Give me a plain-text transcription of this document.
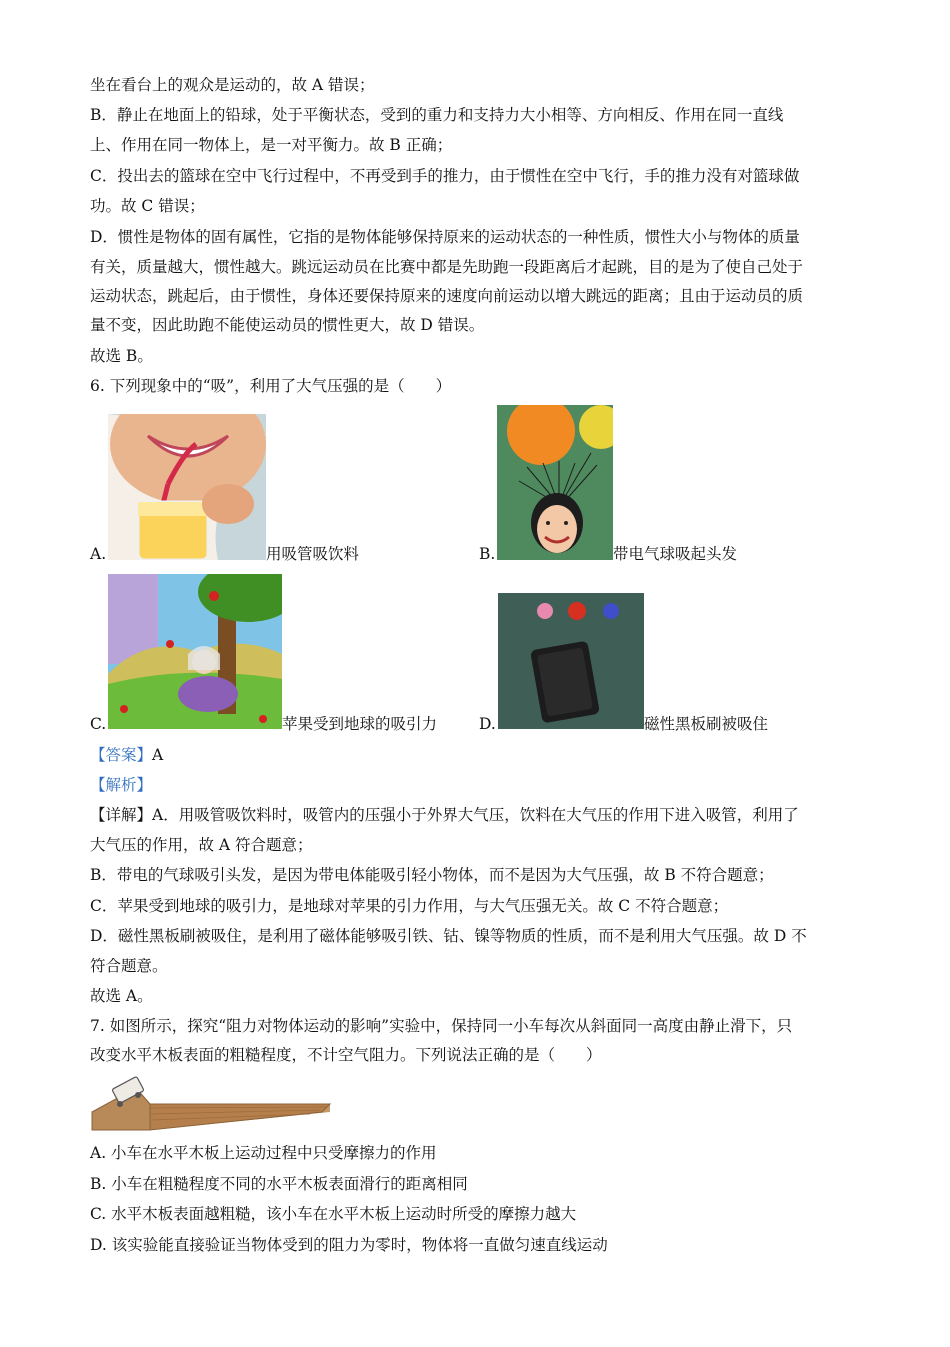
坐在看台上的观众是运动的，故 A 错误；
B．静止在地面上的铅球，处于平衡状态，受到的重力和支持力大小相等、方向相反、作用在同一直线
上、作用在同一物体上，是一对平衡力。故 B 正确；
C．投出去的篮球在空中飞行过程中，不再受到手的推力，由于惯性在空中飞行，手的推力没有对篮球做
功。故 C 错误；
D．惯性是物体的固有属性，它指的是物体能够保持原来的运动状态的一种性质，惯性大小与物体的质量
有关，质量越大，惯性越大。跳远运动员在比赛中都是先助跑一段距离后才起跳，目的是为了使自己处于
运动状态，跳起后，由于惯性，身体还要保持原来的速度向前运动以增大跳远的距离；且由于运动员的质
量不变，因此助跑不能使运动员的惯性更大，故 D 错误。
故选 B。
6. 下列现象中的“吸”，利用了大气压强的是（　　）
A.	用吸管吸饮料	B.	带电气球吸起头发
C.	苹果受到地球的吸引力	D.	磁性黑板刷被吸住
【答案】A
【解析】
【详解】A．用吸管吸饮料时，吸管内的压强小于外界大气压，饮料在大气压的作用下进入吸管，利用了
大气压的作用，故 A 符合题意；
B．带电的气球吸引头发，是因为带电体能吸引轻小物体，而不是因为大气压强，故 B 不符合题意；
C．苹果受到地球的吸引力，是地球对苹果的引力作用，与大气压强无关。故 C 不符合题意；
D．磁性黑板刷被吸住，是利用了磁体能够吸引铁、钴、镍等物质的性质，而不是利用大气压强。故 D 不
符合题意。
故选 A。
7. 如图所示，探究“阻力对物体运动的影响”实验中，保持同一小车每次从斜面同一高度由静止滑下，只
改变水平木板表面的粗糙程度，不计空气阻力。下列说法正确的是（　　）
A. 小车在水平木板上运动过程中只受摩擦力的作用
B. 小车在粗糙程度不同的水平木板表面滑行的距离相同
C. 水平木板表面越粗糙，该小车在水平木板上运动时所受的摩擦力越大
D. 该实验能直接验证当物体受到的阻力为零时，物体将一直做匀速直线运动
